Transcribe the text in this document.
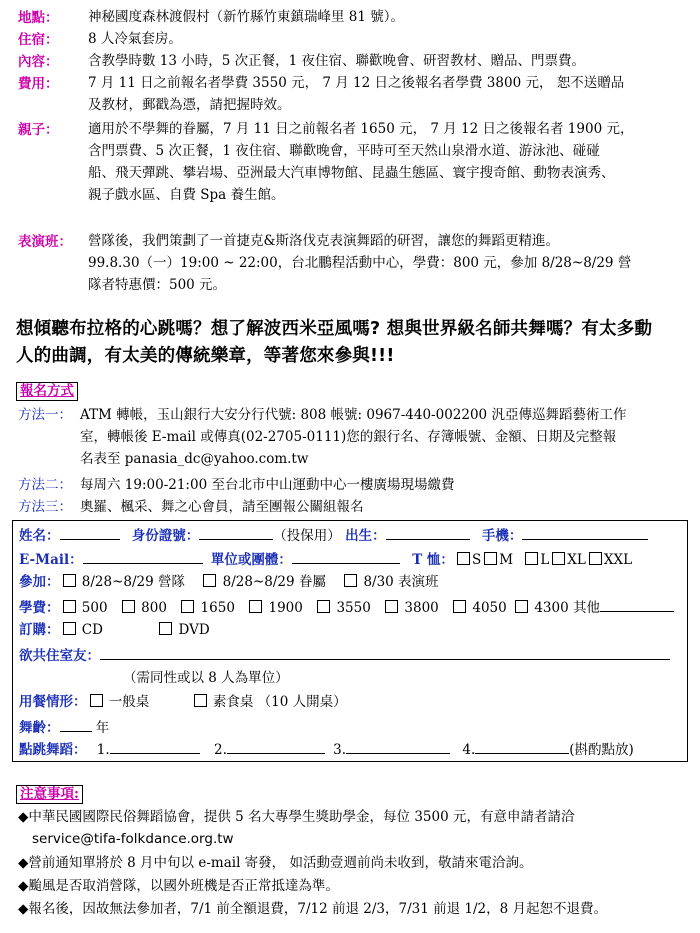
地點： 神秘國度森林渡假村（新竹縣竹東鎮瑞峰里 81 號）。
住宿： 8 人冷氣套房。
內容： 含教學時數 13 小時，5 次正餐，1 夜住宿、聯歡晚會、研習教材、贈品、門票費。
費用： 7 月 11 日之前報名者學費 3550 元， 7 月 12 日之後報名者學費 3800 元， 恕不送贈品
及教材，郵戳為憑，請把握時效。
親子： 適用於不學舞的眷屬，7 月 11 日之前報名者 1650 元， 7 月 12 日之後報名者 1900 元，
含門票費、5 次正餐，1 夜住宿、聯歡晚會，平時可至天然山泉滑水道、游泳池、碰碰
船、飛天彈跳、攀岩場、亞洲最大汽車博物館、昆蟲生態區、寰宇搜奇館、動物表演秀、
親子戲水區、自費 Spa 養生館。
表演班： 營隊後，我們策劃了一首捷克&斯洛伐克表演舞蹈的研習，讓您的舞蹈更精進。
99.8.30（一）19:00 ~ 22:00，台北鵬程活動中心，學費：800 元，參加 8/28~8/29 營
隊者特惠價：500 元。
想傾聽布拉格的心跳嗎？想了解波西米亞風嗎? 想與世界級名師共舞嗎？有太多動
人的曲調，有太美的傳統樂章，等著您來參與!!!
報名方式
方法一： ATM 轉帳，玉山銀行大安分行代號: 808 帳號: 0967-440-002200 汎亞傳巡舞蹈藝術工作
室，轉帳後 E-mail 或傳真(02-2705-0111)您的銀行名、存簿帳號、金額、日期及完整報
名表至 panasia_dc@yahoo.com.tw
方法二： 每周六 19:00-21:00 至台北市中山運動中心一樓廣場現場繳費
方法三： 奧羅、楓采、舞之心會員，請至團報公關組報名
姓名：	身份證號：	（投保用） 出生：	手機：
E-Mail：	單位或團體：	T 恤： S M L XL XXL
參加： 8/28~8/29 營隊	8/28~8/29 眷屬	8/30 表演班
學費： 500 800 1650 1900 3550 3800 4050 4300 其他
訂購： CD	DVD
欲共住室友：
（需同性或以 8 人為單位）
用餐情形： 一般桌	素食桌 （10 人開桌）
舞齡：	年
點跳舞蹈： 1.	2.	3.	4.	(斟酌點放)
注意事項:
◆中華民國國際民俗舞蹈協會，提供 5 名大專學生獎助學金，每位 3500 元，有意申請者請洽
service@tifa-folkdance.org.tw
◆營前通知單將於 8 月中旬以 e-mail 寄發， 如活動壹週前尚未收到，敬請來電洽詢。
◆颱風是否取消營隊，以國外班機是否正常抵達為準。
◆報名後，因故無法參加者，7/1 前全額退費，7/12 前退 2/3，7/31 前退 1/2，8 月起恕不退費。
